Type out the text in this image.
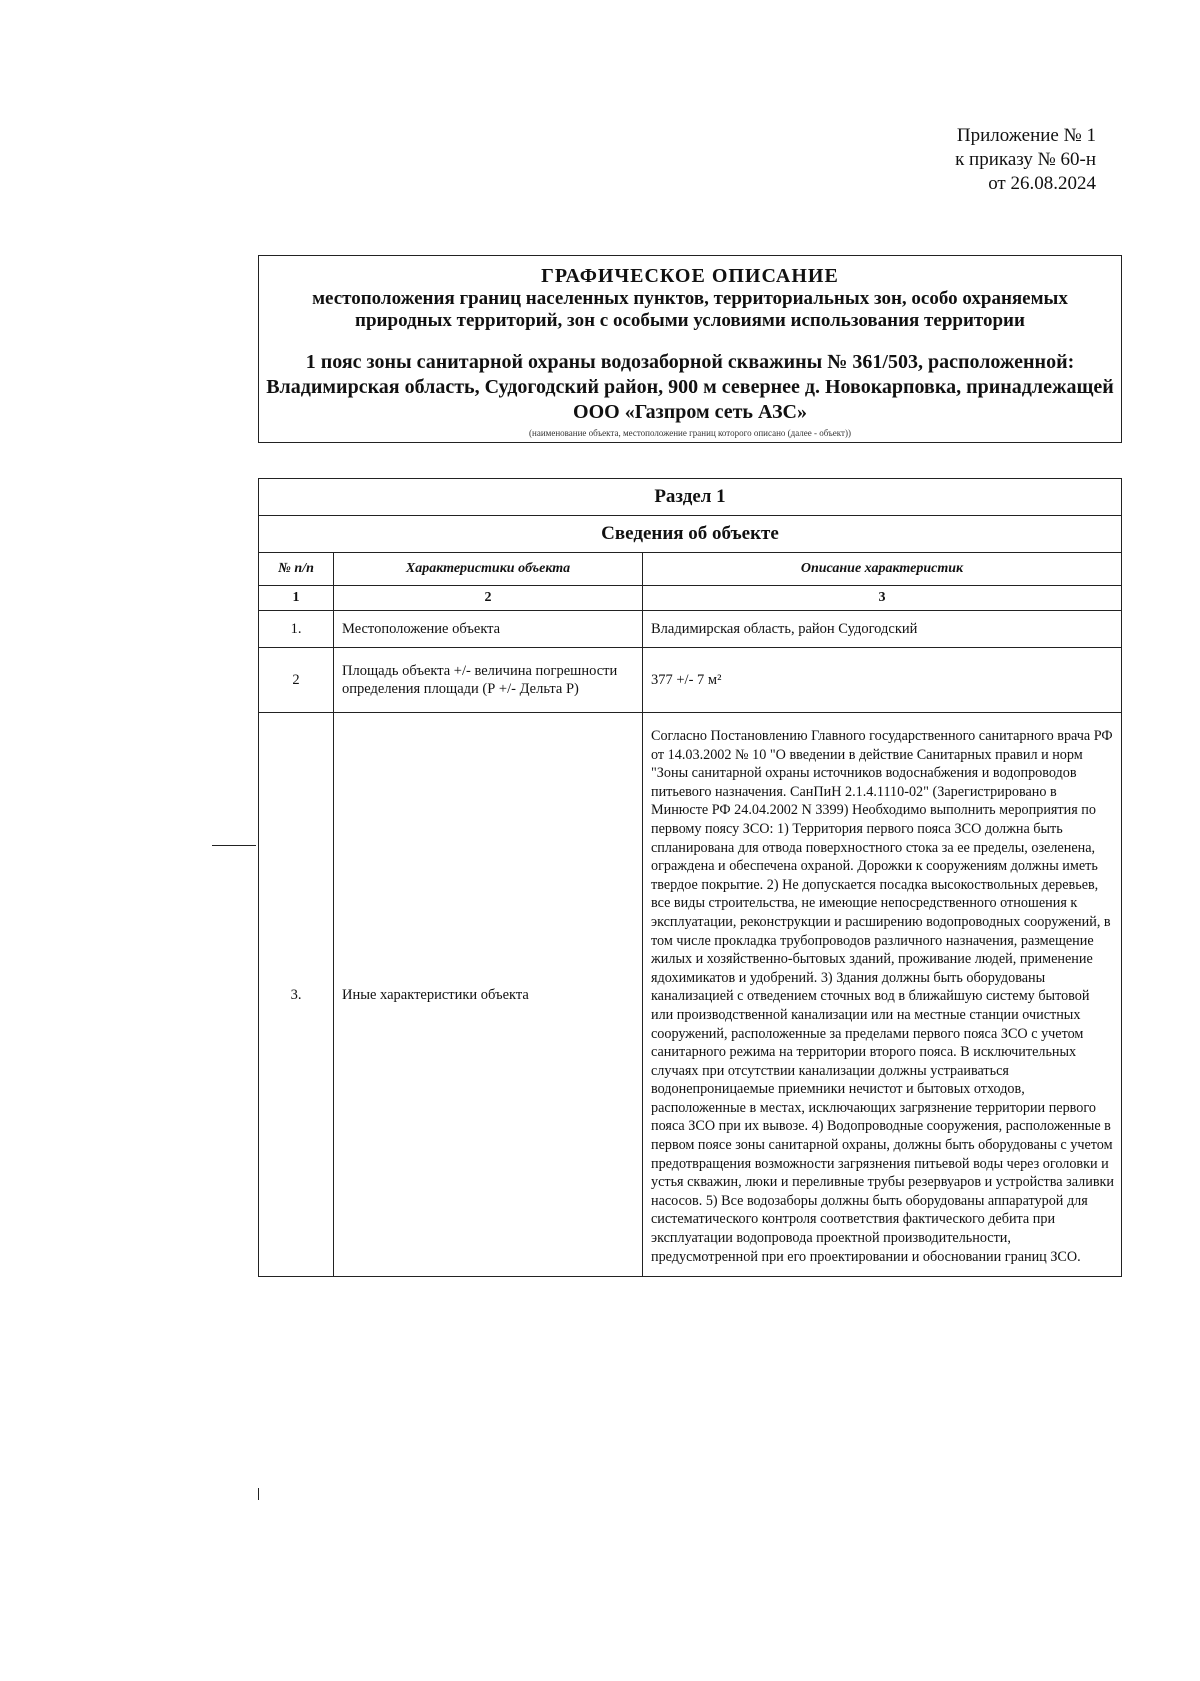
Приложение № 1
к приказу № 60-н
от 26.08.2024
ГРАФИЧЕСКОЕ ОПИСАНИЕ
местоположения границ населенных пунктов, территориальных зон, особо охраняемых природных территорий, зон с особыми условиями использования территории
1 пояс зоны санитарной охраны водозаборной скважины № 361/503, расположенной: Владимирская область, Судогодский район, 900 м севернее д. Новокарповка, принадлежащей ООО «Газпром сеть АЗС»
(наименование объекта, местоположение границ которого описано (далее - объект))
Раздел 1		
Сведения об объекте		
№ п/п	Характеристики объекта	Описание характеристик
1	2	3
1.	Местоположение объекта	Владимирская область, район Судогодский
2	Площадь объекта +/- величина погрешности определения площади (Р +/- Дельта Р)	377 +/- 7 м²
3.	Иные характеристики объекта	Согласно Постановлению Главного государственного санитарного врача РФ от 14.03.2002 № 10 "О введении в действие Санитарных правил и норм "Зоны санитарной охраны источников водоснабжения и водопроводов питьевого назначения. СанПиН 2.1.4.1110-02" (Зарегистрировано в Минюсте РФ 24.04.2002 N 3399) Необходимо выполнить мероприятия по первому поясу ЗСО: 1) Территория первого пояса ЗСО должна быть спланирована для отвода поверхностного стока за ее пределы, озеленена, ограждена и обеспечена охраной. Дорожки к сооружениям должны иметь твердое покрытие. 2) Не допускается посадка высокоствольных деревьев, все виды строительства, не имеющие непосредственного отношения к эксплуатации, реконструкции и расширению водопроводных сооружений, в том числе прокладка трубопроводов различного назначения, размещение жилых и хозяйственно-бытовых зданий, проживание людей, применение ядохимикатов и удобрений. 3) Здания должны быть оборудованы канализацией с отведением сточных вод в ближайшую систему бытовой или производственной канализации или на местные станции очистных сооружений, расположенные за пределами первого пояса ЗСО с учетом санитарного режима на территории второго пояса. В исключительных случаях при отсутствии канализации должны устраиваться водонепроницаемые приемники нечистот и бытовых отходов, расположенные в местах, исключающих загрязнение территории первого пояса ЗСО при их вывозе. 4) Водопроводные сооружения, расположенные в первом поясе зоны санитарной охраны, должны быть оборудованы с учетом предотвращения возможности загрязнения питьевой воды через оголовки и устья скважин, люки и переливные трубы резервуаров и устройства заливки насосов. 5) Все водозаборы должны быть оборудованы аппаратурой для систематического контроля соответствия фактического дебита при эксплуатации водопровода проектной производительности, предусмотренной при его проектировании и обосновании границ ЗСО.
